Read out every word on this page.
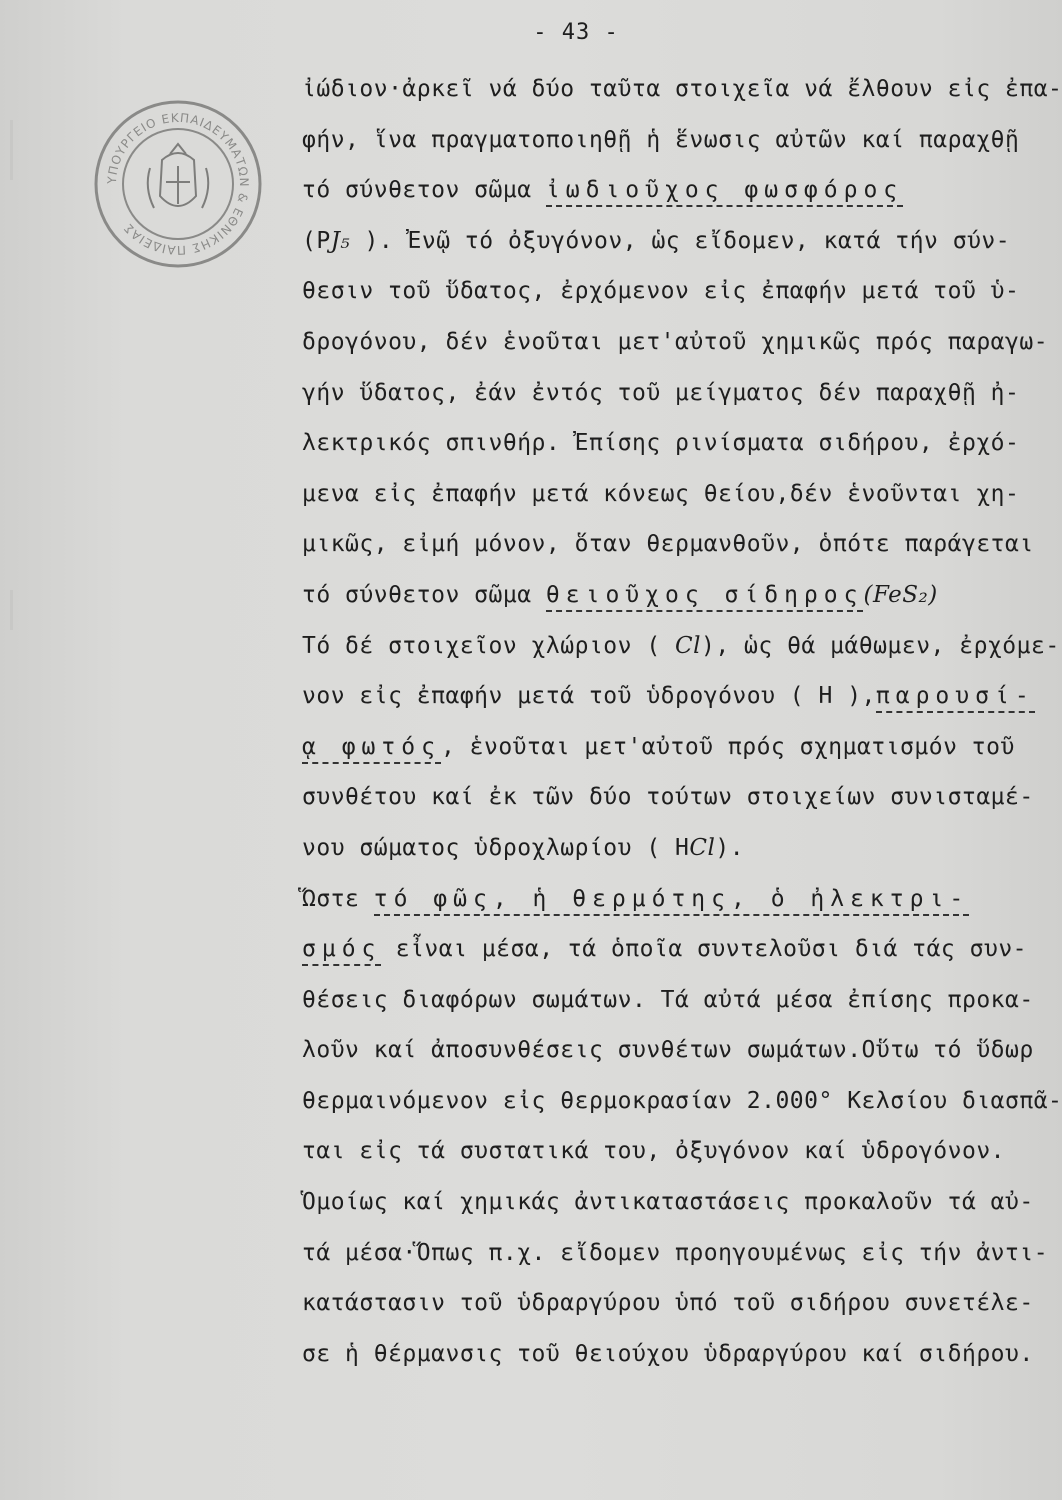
- 43 -
ΥΠΟΥΡΓΕΙΟ ΕΚΠΑΙΔΕΥΜΑΤΩΝ & ΕΘΝΙΚΗΣ ΠΑΙΔΕΙΑΣ
ἰώδιον·ἀρκεῖ νά δύο ταῦτα στοιχεῖα νά ἔλθουν εἰς ἐπα-
φήν, ἵνα πραγματοποιηθῇ ἡ ἕνωσις αὐτῶν καί παραχθῇ
τό σύνθετον σῶμα ἰωδιοῦχος φωσφόρος
(PJ₅ ). Ἐνῷ τό ὀξυγόνον, ὡς εἴδομεν, κατά τήν σύν-
θεσιν τοῦ ὕδατος, ἐρχόμενον εἰς ἐπαφήν μετά τοῦ ὑ-
δρογόνου, δέν ἑνοῦται μετ'αὐτοῦ χημικῶς πρός παραγω-
γήν ὕδατος, ἐάν ἐντός τοῦ μείγματος δέν παραχθῇ ἠ-
λεκτρικός σπινθήρ. Ἐπίσης ρινίσματα σιδήρου, ἐρχό-
μενα εἰς ἐπαφήν μετά κόνεως θείου,δέν ἑνοῦνται χη-
μικῶς, εἰμή μόνον, ὅταν θερμανθοῦν, ὁπότε παράγεται
τό σύνθετον σῶμα θειοῦχος σίδηρος(FeS₂)
Τό δέ στοιχεῖον χλώριον ( Cl), ὡς θά μάθωμεν, ἐρχόμε-
νον εἰς ἐπαφήν μετά τοῦ ὑδρογόνου ( Η ),παρουσί-
ᾳ φωτός, ἑνοῦται μετ'αὐτοῦ πρός σχηματισμόν τοῦ
συνθέτου καί ἐκ τῶν δύο τούτων στοιχείων συνισταμέ-
νου σώματος ὑδροχλωρίου ( ΗCl).
Ὥστε τό φῶς, ἡ θερμότης, ὁ ἠλεκτρι-
σμός εἶναι μέσα, τά ὁποῖα συντελοῦσι διά τάς συν-
θέσεις διαφόρων σωμάτων. Τά αὐτά μέσα ἐπίσης προκα-
λοῦν καί ἀποσυνθέσεις συνθέτων σωμάτων.Οὕτω τό ὕδωρ
θερμαινόμενον εἰς θερμοκρασίαν 2.000° Κελσίου διασπᾶ-
ται εἰς τά συστατικά του, ὀξυγόνον καί ὑδρογόνον.
Ὁμοίως καί χημικάς ἀντικαταστάσεις προκαλοῦν τά αὐ-
τά μέσα·Ὅπως π.χ. εἴδομεν προηγουμένως εἰς τήν ἀντι-
κατάστασιν τοῦ ὑδραργύρου ὑπό τοῦ σιδήρου συνετέλε-
σε ἡ θέρμανσις τοῦ θειούχου ὑδραργύρου καί σιδήρου.
